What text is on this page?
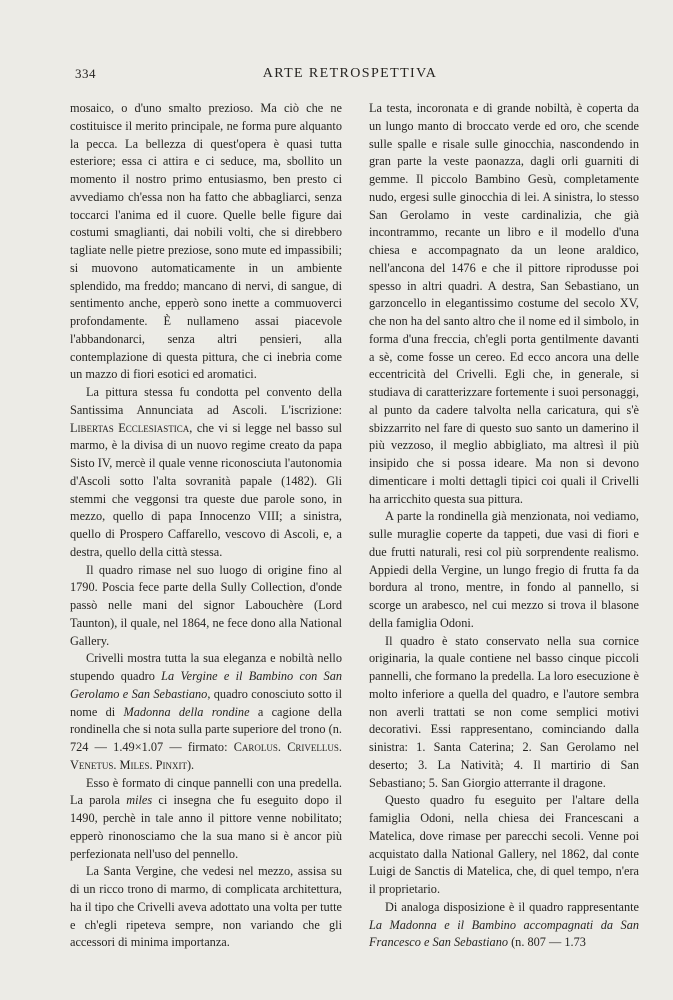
334	ARTE RETROSPETTIVA

mosaico, o d'uno smalto prezioso. Ma ciò che ne costituisce il merito principale, ne forma pure alquanto la pecca. La bellezza di quest'opera è quasi tutta esteriore; essa ci attira e ci seduce, ma, sbollito un momento il nostro primo entusiasmo, ben presto ci avvediamo ch'essa non ha fatto che abbagliarci, senza toccarci l'anima ed il cuore. Quelle belle figure dai costumi smaglianti, dai nobili volti, che si direbbero tagliate nelle pietre preziose, sono mute ed impassibili; si muovono automaticamente in un ambiente splendido, ma freddo; mancano di nervi, di sangue, di sentimento anche, epperò sono inette a commuoverci profondamente. È nullameno assai piacevole l'abbandonarci, senza altri pensieri, alla contemplazione di questa pittura, che ci inebria come un mazzo di fiori esotici ed aromatici.

La pittura stessa fu condotta pel convento della Santissima Annunciata ad Ascoli. L'iscrizione: Libertas Ecclesiastica, che vi si legge nel basso sul marmo, è la divisa di un nuovo regime creato da papa Sisto IV, mercè il quale venne riconosciuta l'autonomia d'Ascoli sotto l'alta sovranità papale (1482). Gli stemmi che veggonsi tra queste due parole sono, in mezzo, quello di papa Innocenzo VIII; a sinistra, quello di Prospero Caffarello, vescovo di Ascoli, e, a destra, quello della città stessa.

Il quadro rimase nel suo luogo di origine fino al 1790. Poscia fece parte della Sully Collection, d'onde passò nelle mani del signor Labouchère (Lord Taunton), il quale, nel 1864, ne fece dono alla National Gallery.

Crivelli mostra tutta la sua eleganza e nobiltà nello stupendo quadro La Vergine e il Bambino con San Gerolamo e San Sebastiano, quadro conosciuto sotto il nome di Madonna della rondine a cagione della rondinella che si nota sulla parte superiore del trono (n. 724 — 1.49×1.07 — firmato: Carolus. Crivellus. Venetus. Miles. Pinxit).

Esso è formato di cinque pannelli con una predella. La parola miles ci insegna che fu eseguito dopo il 1490, perchè in tale anno il pittore venne nobilitato; epperò rinonosciamo che la sua mano si è ancor più perfezionata nell'uso del pennello.

La Santa Vergine, che vedesi nel mezzo, assisa su di un ricco trono di marmo, di complicata architettura, ha il tipo che Crivelli aveva adottato una volta per tutte e ch'egli ripeteva sempre, non variando che gli accessori di minima importanza.

La testa, incoronata e di grande nobiltà, è coperta da un lungo manto di broccato verde ed oro, che scende sulle spalle e risale sulle ginocchia, nascondendo in gran parte la veste paonazza, dagli orli guarniti di gemme. Il piccolo Bambino Gesù, completamente nudo, ergesi sulle ginocchia di lei. A sinistra, lo stesso San Gerolamo in veste cardinalizia, che già incontrammo, recante un libro e il modello d'una chiesa e accompagnato da un leone araldico, nell'ancona del 1476 e che il pittore riprodusse poi spesso in altri quadri. A destra, San Sebastiano, un garzoncello in elegantissimo costume del secolo XV, che non ha del santo altro che il nome ed il simbolo, in forma d'una freccia, ch'egli porta gentilmente davanti a sè, come fosse un cereo. Ed ecco ancora una delle eccentricità del Crivelli. Egli che, in generale, si studiava di caratterizzare fortemente i suoi personaggi, al punto da cadere talvolta nella caricatura, qui s'è sbizzarrito nel fare di questo suo santo un damerino il più vezzoso, il meglio abbigliato, ma altresì il più insipido che si possa ideare. Ma non si devono dimenticare i molti dettagli tipici coi quali il Crivelli ha arricchito questa sua pittura.

A parte la rondinella già menzionata, noi vediamo, sulle muraglie coperte da tappeti, due vasi di fiori e due frutti naturali, resi col più sorprendente realismo. Appiedi della Vergine, un lungo fregio di frutta fa da bordura al trono, mentre, in fondo al pannello, si scorge un arabesco, nel cui mezzo si trova il blasone della famiglia Odoni.

Il quadro è stato conservato nella sua cornice originaria, la quale contiene nel basso cinque piccoli pannelli, che formano la predella. La loro esecuzione è molto inferiore a quella del quadro, e l'autore sembra non averli trattati se non come semplici motivi decorativi. Essi rappresentano, cominciando dalla sinistra: 1. Santa Caterina; 2. San Gerolamo nel deserto; 3. La Natività; 4. Il martirio di San Sebastiano; 5. San Giorgio atterrante il dragone.

Questo quadro fu eseguito per l'altare della famiglia Odoni, nella chiesa dei Francescani a Matelica, dove rimase per parecchi secoli. Venne poi acquistato dalla National Gallery, nel 1862, dal conte Luigi de Sanctis di Matelica, che, di quel tempo, n'era il proprietario.

Di analoga disposizione è il quadro rappresentante La Madonna e il Bambino accompagnati da San Francesco e San Sebastiano (n. 807 — 1.73
